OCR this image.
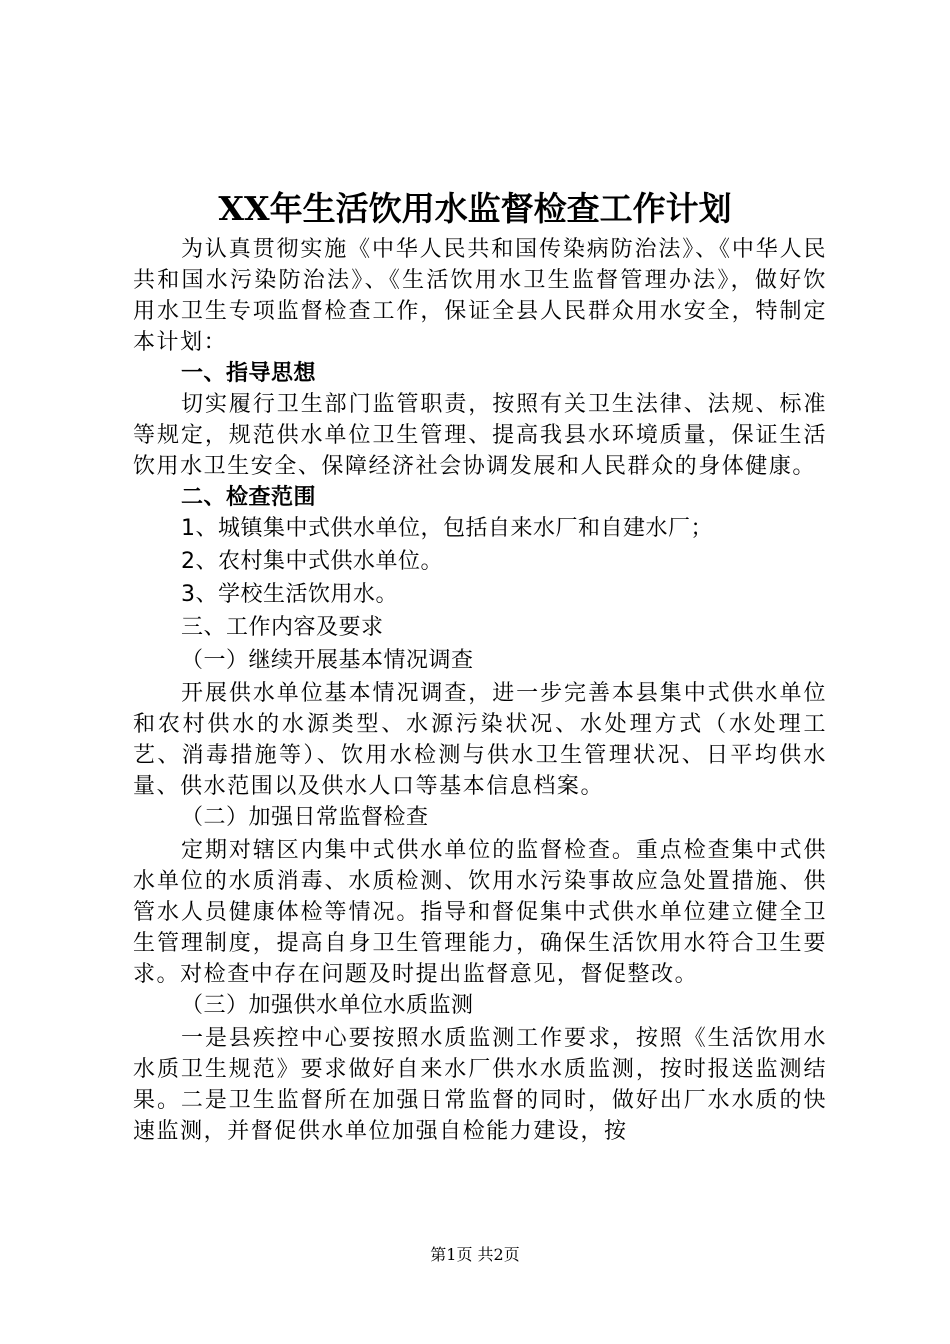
XX年生活饮用水监督检查工作计划

为认真贯彻实施《中华人民共和国传染病防治法》、《中华人民共和国水污染防治法》、《生活饮用水卫生监督管理办法》，做好饮用水卫生专项监督检查工作，保证全县人民群众用水安全，特制定本计划：

一、指导思想

切实履行卫生部门监管职责，按照有关卫生法律、法规、标准等规定，规范供水单位卫生管理、提高我县水环境质量，保证生活饮用水卫生安全、保障经济社会协调发展和人民群众的身体健康。

二、检查范围

1、城镇集中式供水单位，包括自来水厂和自建水厂；

2、农村集中式供水单位。

3、学校生活饮用水。

三、工作内容及要求

（一）继续开展基本情况调查

开展供水单位基本情况调查，进一步完善本县集中式供水单位和农村供水的水源类型、水源污染状况、水处理方式（水处理工艺、消毒措施等）、饮用水检测与供水卫生管理状况、日平均供水量、供水范围以及供水人口等基本信息档案。

（二）加强日常监督检查

定期对辖区内集中式供水单位的监督检查。重点检查集中式供水单位的水质消毒、水质检测、饮用水污染事故应急处置措施、供管水人员健康体检等情况。指导和督促集中式供水单位建立健全卫生管理制度，提高自身卫生管理能力，确保生活饮用水符合卫生要求。对检查中存在问题及时提出监督意见，督促整改。

（三）加强供水单位水质监测

一是县疾控中心要按照水质监测工作要求，按照《生活饮用水水质卫生规范》要求做好自来水厂供水水质监测，按时报送监测结果。二是卫生监督所在加强日常监督的同时，做好出厂水水质的快速监测，并督促供水单位加强自检能力建设，按

第1页 共2页
